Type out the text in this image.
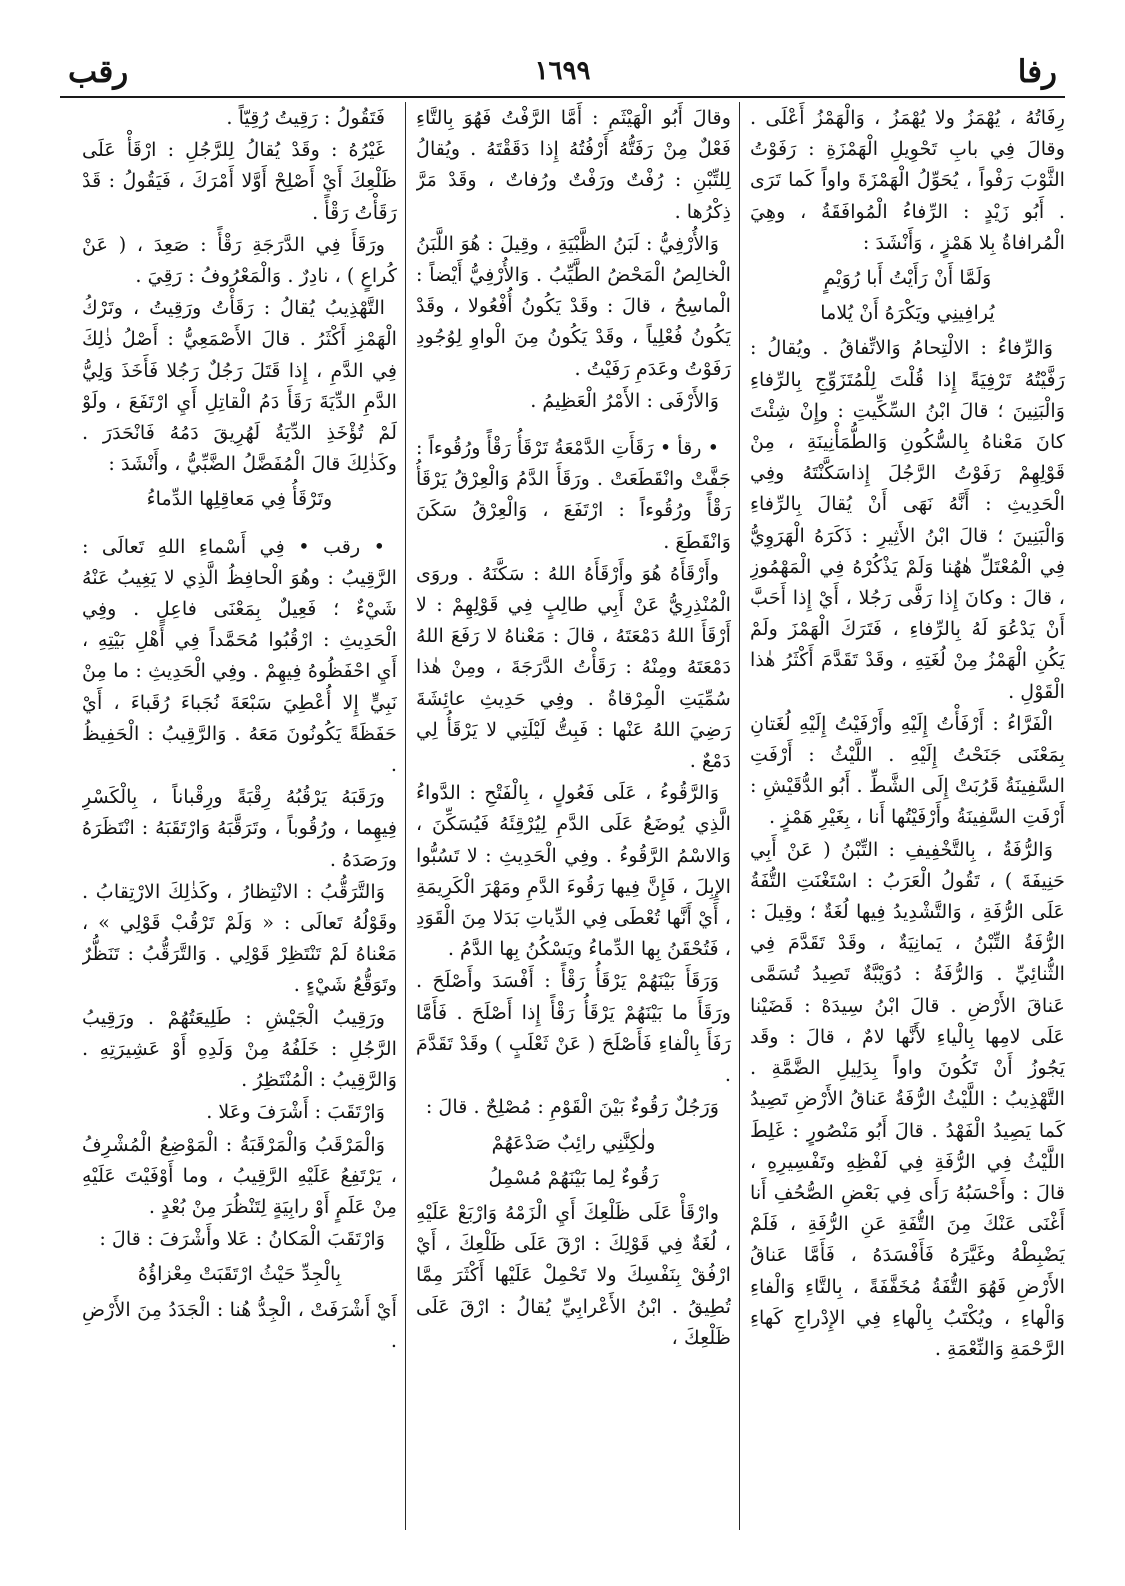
رفا
١٦٩٩
رقب

رِفَاتُهُ ، يُهْمَزُ ولا يُهْمَزُ ، وَالْهَمْزُ أَعْلَى . وقالَ فِي بابِ تَحْوِيلِ الْهَمْزَةِ : رَفَوْتُ الثَّوْبَ رَفْواً ، يُحَوِّلُ الْهَمْزَةَ واواً كَما تَرَى . أَبُو زَيْدٍ : الرِّفاءُ الْمُوافَقَةُ ، وهِيَ الْمُرافاةُ بِلا هَمْزٍ ، وَأَنْشَدَ :

وَلَمَّا أَنْ رَأَيْتُ أَبا رُوَيْمٍ

يُرافِينِي ويَكْرَهُ أَنْ يُلاما

وَالرِّفاءُ : الالْتِحامُ وَالاتِّفاقُ . ويُقالُ : رَفَّيْتُهُ تَرْفِيَةً إِذا قُلْتَ لِلْمُتَزَوِّجِ بِالرِّفاءِ وَالْبَنِينَ ؛ قالَ ابْنُ السِّكِّيتِ : وإِنْ شِئْتَ كانَ مَعْناهُ بِالسُّكُونِ وَالطُّمَأْنِينَةِ ، مِنْ قَوْلِهِمْ رَفَوْتُ الرَّجُلَ إِذاسَكَّنْتَهُ وفِي الْحَدِيثِ : أَنَّهُ نَهَى أَنْ يُقالَ بِالرِّفاءِ وَالْبَنِينَ ؛ قالَ ابْنُ الأَثِيرِ : ذَكَرَهُ الْهَرَوِيُّ فِي الْمُعْتَلِّ هٰهُنا وَلَمْ يَذْكُرْهُ فِي الْمَهْمُوزِ ، قالَ : وكانَ إِذا رَفَّى رَجُلا ، أَيْ إِذا أَحَبَّ أَنْ يَدْعُوَ لَهُ بِالرِّفاءِ ، فَتَرَكَ الْهَمْزَ ولَمْ يَكُنِ الْهَمْزُ مِنْ لُغَتِهِ ، وقَدْ تَقَدَّمَ أَكْثَرُ هٰذا الْقَوْلِ .

الْفَرَّاءُ : أَرْفَأْتُ إِلَيْهِ وأَرْفَيْتُ إِلَيْهِ لُغَتانِ بِمَعْنَى جَنَحْتُ إِلَيْهِ . اللَّيْثُ : أَرْفَتِ السَّفِينَةُ قَرُبَتْ إِلَى الشَّطِّ . أَبُو الدُّقَيْشِ : أَرْفَتِ السَّفِينَةُ وأَرْفَيْتُها أَنا ، بِغَيْرِ هَمْزٍ .

وَالرُّفَةُ ، بِالتَّخْفِيفِ : التِّبْنُ ( عَنْ أَبِي حَنِيفَةَ ) ، تَقُولُ الْعَرَبُ : اسْتَغْنَتِ التُّفَةُ عَلَى الرُّفَةِ ، وَالتَّشْدِيدُ فِيها لُغَةٌ ؛ وقِيلَ : الرُّفَةُ التِّبْنُ ، يَمانِيَةٌ ، وقَدْ تَقَدَّمَ فِي الثُّنائِيِّ . وَالرُّفَةُ : دُوَيْبَّةٌ تَصِيدُ تُسَمَّى عَناقَ الأَرْضِ . قالَ ابْنُ سِيدَهْ : قَضَيْنا عَلَى لامِها بِالْياءِ لأَنَّها لامٌ ، قالَ : وقَد يَجُوزُ أَنْ تَكُونَ واواً بِدَلِيلِ الضَّمَّةِ . التَّهْذِيبُ : اللَّيْثُ الرُّفَةُ عَناقُ الأَرْضِ تَصِيدُ كَما يَصِيدُ الْفَهْدُ . قالَ أَبُو مَنْصُورٍ : غَلِطَ اللَّيْثُ فِي الرُّفَةِ فِي لَفْظِهِ وتَفْسِيرِهِ ، قالَ : وأَحْسَبُهُ رَأَى فِي بَعْضِ الصُّحُفِ أَنا أَغْنَى عَنْكَ مِنَ التُّفَةِ عَنِ الرُّفَةِ ، فَلَمْ يَضْبِطْهُ وغَيَّرَهُ فَأَفْسَدَهُ ، فَأَمَّا عَناقُ الأَرْضِ فَهُوَ التُّفَةُ مُخَفَّفَةً ، بِالتَّاءِ وَالْفاءِ وَالْهاءِ ، ويُكْتَبُ بِالْهاءِ فِي الإِدْراجِ كَهاءِ الرَّحْمَةِ وَالنِّعْمَةِ .

وقالَ أَبُو الْهَيْثَمِ : أَمَّا الرَّفْتُ فَهُوَ بِالتَّاءِ فَعْلٌ مِنْ رَفَتُّهُ أَرْفُتُهُ إِذا دَقَقْتَهُ . ويُقالُ لِلتِّبْنِ : رُفْتٌ ورَفْتٌ ورُفاتٌ ، وقَدْ مَرَّ ذِكْرُها .

وَالأُرْفِيُّ : لَبَنُ الظَّبْيَةِ ، وقِيلَ : هُوَ اللَّبَنُ الْخالِصُ الْمَحْضُ الطَّيِّبُ . وَالأُرْفِيُّ أَيْضاً : الْماسِحُ ، قالَ : وقَدْ يَكُونُ أُفْعُولا ، وقَدْ يَكُونُ فُعْلِياً ، وقَدْ يَكُونُ مِنَ الْواوِ لِوُجُودِ رَفَوْتُ وعَدَمِ رَفَيْتُ .

وَالأَرْفَى : الأَمْرُ الْعَظِيمُ .

• رقأ • رَقَأَتِ الدَّمْعَةُ تَرْقَأُ رَقْأً ورُقُوءاً : جَفَّتْ وانْقَطَعَتْ . ورَقَأَ الدَّمُ وَالْعِرْقُ يَرْقَأُ رَقْأً ورُقُوءاً : ارْتَفَعَ ، وَالْعِرْقُ سَكَنَ وَانْقَطَعَ .

وأَرْقَأَهُ هُوَ وأَرْقَأَهُ اللهُ : سَكَّنَهُ . وروَى الْمُنْذِرِيُّ عَنْ أَبِي طالِبٍ فِي قَوْلِهِمْ : لا أَرْقَأَ اللهُ دَمْعَتَهُ ، قالَ : مَعْناهُ لا رَفَعَ اللهُ دَمْعَتَهُ ومِنْهُ : رَقَأْتُ الدَّرَجَةَ ، ومِنْ هٰذا سُمِّيَتِ الْمِرْقاةُ . وفِي حَدِيثِ عائِشَةَ رَضِيَ اللهُ عَنْها : فَبِتُّ لَيْلَتِي لا يَرْقَأُ لِي دَمْعٌ .

وَالرَّقُوءُ ، عَلَى فَعُولٍ ، بِالْفَتْحِ : الدَّواءُ الَّذِي يُوضَعُ عَلَى الدَّمِ لِيُرْقِئَهُ فَيُسَكِّنَ ، وَالاسْمُ الرَّقُوءُ . وفِي الْحَدِيثِ : لا تَسُبُّوا الإِبِلَ ، فَإِنَّ فِيها رَقُوءَ الدَّمِ ومَهْرَ الْكَرِيمَةِ ، أَيْ أَنَّها تُعْطَى فِي الدِّياتِ بَدَلا مِنَ الْقَوَدِ ، فَتُحْقَنُ بِها الدِّماءُ ويَسْكُنُ بِها الدَّمُ .

وَرَقَأَ بَيْنَهُمْ يَرْقَأُ رَقْأً : أَفْسَدَ وأَصْلَحَ . ورَقَأَ ما بَيْنَهُمْ يَرْقَأُ رَقْأً إِذا أَصْلَحَ . فَأَمَّا رَفَأَ بِالْفاءِ فَأَصْلَحَ ( عَنْ ثَعْلَبٍ ) وقَدْ تَقَدَّمَ .

وَرَجُلٌ رَقُوءٌ بَيْنَ الْقَوْمِ : مُصْلِحٌ . قالَ :

ولٰكِنَّنِي رائِبٌ صَدْعَهُمْ

رَقُوءٌ لِما بَيْنَهُمْ مُسْمِلُ

وارْقَأْ عَلَى ظَلْعِكَ أَيِ الْزَمْهُ وَارْبَعْ عَلَيْهِ ، لُغَةٌ فِي قَوْلِكَ : ارْقَ عَلَى ظَلْعِكَ ، أَيْ ارْفُقْ بِنَفْسِكَ ولا تَحْمِلْ عَلَيْها أَكْثَرَ مِمَّا تُطِيقُ . ابْنُ الأَعْرابِيِّ يُقالُ : ارْقَ عَلَى ظَلْعِكَ ،

فَتَقُولُ : رَقِيتُ رُقِيّاً .

غَيْرُهُ : وقَدْ يُقالُ لِلرَّجُلِ : ارْقَأْ عَلَى ظَلْعِكَ أَيْ أَصْلِحْ أَوَّلا أَمْرَكَ ، فَيَقُولُ : قَدْ رَقَأْتُ رَقْأً .

ورَقَأَ فِي الدَّرَجَةِ رَقْأً : صَعِدَ ، ( عَنْ كُراعٍ ) ، نادِرٌ . وَالْمَعْرُوفُ : رَقِيَ .

التَّهْذِيبُ يُقالُ : رَقَأْتُ ورَقِيتُ ، وتَرْكُ الْهَمْزِ أَكْثَرُ . قالَ الأَصْمَعِيُّ : أَصْلُ ذٰلِكَ فِي الدَّمِ ، إِذا قَتَلَ رَجُلٌ رَجُلا فَأَخَذَ وَلِيُّ الدَّمِ الدِّيَةَ رَقَأَ دَمُ الْقاتِلِ أَيِ ارْتَفَعَ ، ولَوْ لَمْ تُؤْخَذِ الدِّيَةُ لَهُرِيقَ دَمُهُ فَانْحَدَرَ . وكَذٰلِكَ قالَ الْمُفَضَّلُ الضَّبِّيُّ ، وأَنْشَدَ :

وتَرْقَأُ فِي مَعاقِلِها الدِّماءُ

• رقب • فِي أَسْماءِ اللهِ تَعالَى : الرَّقِيبُ : وهُوَ الْحافِظُ الَّذِي لا يَغِيبُ عَنْهُ شَيْءٌ ؛ فَعِيلٌ بِمَعْنَى فاعِلٍ . وفِي الْحَدِيثِ : ارْقُبُوا مُحَمَّداً فِي أَهْلِ بَيْتِهِ ، أَيِ احْفَظُوهُ فِيهِمْ . وفِي الْحَدِيثِ : ما مِنْ نَبِيٍّ إِلا أُعْطِيَ سَبْعَةَ نُجَباءَ رُقَباءَ ، أَيْ حَفَظَةً يَكُونُونَ مَعَهُ . وَالرَّقِيبُ : الْحَفِيظُ .

ورَقَبَهُ يَرْقُبُهُ رِقْبَةً ورِقْباناً ، بِالْكَسْرِ فِيهِما ، ورُقُوباً ، وتَرَقَّبَهُ وَارْتَقَبَهُ : انْتَظَرَهُ ورَصَدَهُ .

وَالتَّرَقُّبُ : الانْتِظارُ ، وكَذٰلِكَ الارْتِقابُ . وقَوْلُهُ تَعالَى : « وَلَمْ تَرْقُبْ قَوْلِي » ، مَعْناهُ لَمْ تَنْتَظِرْ قَوْلِي . وَالتَّرَقُّبُ : تَنَظُّرٌ وتَوَقُّعُ شَيْءٍ .

ورَقِيبُ الْجَيْشِ : طَلِيعَتُهُمْ . ورَقِيبُ الرَّجُلِ : خَلَفُهُ مِنْ وَلَدِهِ أَوْ عَشِيرَتِهِ . وَالرَّقِيبُ : الْمُنْتَظِرُ .

وَارْتَقَبَ : أَشْرَفَ وعَلا .

وَالْمَرْقَبُ وَالْمَرْقَبَةُ : الْمَوْضِعُ الْمُشْرِفُ ، يَرْتَفِعُ عَلَيْهِ الرَّقِيبُ ، وما أَوْفَيْتَ عَلَيْهِ مِنْ عَلَمٍ أَوْ رابِيَةٍ لِتَنْظُرَ مِنْ بُعْدٍ .

وَارْتَقَبَ الْمَكانُ : عَلا وأَشْرَفَ : قالَ :

بِالْجِدِّ حَيْثُ ارْتَقَبَتْ مِعْزاؤُهُ

أَيْ أَشْرَفَتْ ، الْجِدُّ هُنا : الْجَدَدُ مِنَ الأَرْضِ .
